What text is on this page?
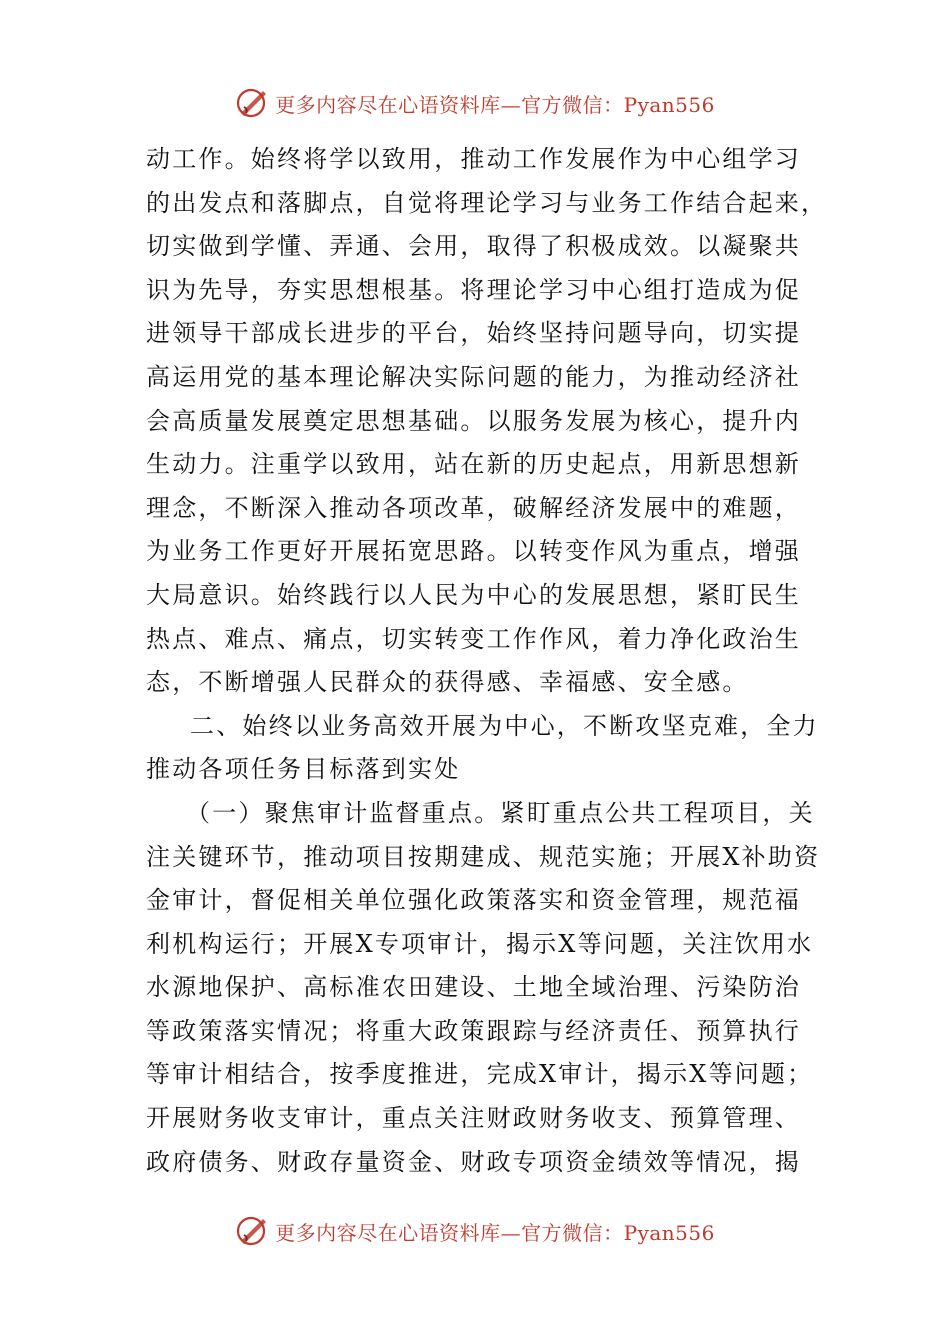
更多内容尽在心语资料库—官方微信：Pyan556
动工作。始终将学以致用，推动工作发展作为中心组学习
的出发点和落脚点，自觉将理论学习与业务工作结合起来，
切实做到学懂、弄通、会用，取得了积极成效。以凝聚共
识为先导，夯实思想根基。将理论学习中心组打造成为促
进领导干部成长进步的平台，始终坚持问题导向，切实提
高运用党的基本理论解决实际问题的能力，为推动经济社
会高质量发展奠定思想基础。以服务发展为核心，提升内
生动力。注重学以致用，站在新的历史起点，用新思想新
理念，不断深入推动各项改革，破解经济发展中的难题，
为业务工作更好开展拓宽思路。以转变作风为重点，增强
大局意识。始终践行以人民为中心的发展思想，紧盯民生
热点、难点、痛点，切实转变工作作风，着力净化政治生
态，不断增强人民群众的获得感、幸福感、安全感。
二、始终以业务高效开展为中心，不断攻坚克难，全力
推动各项任务目标落到实处
（一）聚焦审计监督重点。紧盯重点公共工程项目，关
注关键环节，推动项目按期建成、规范实施；开展X补助资
金审计，督促相关单位强化政策落实和资金管理，规范福
利机构运行；开展X专项审计，揭示X等问题，关注饮用水
水源地保护、高标准农田建设、土地全域治理、污染防治
等政策落实情况；将重大政策跟踪与经济责任、预算执行
等审计相结合，按季度推进，完成X审计，揭示X等问题；
开展财务收支审计，重点关注财政财务收支、预算管理、
政府债务、财政存量资金、财政专项资金绩效等情况，揭
更多内容尽在心语资料库—官方微信：Pyan556
